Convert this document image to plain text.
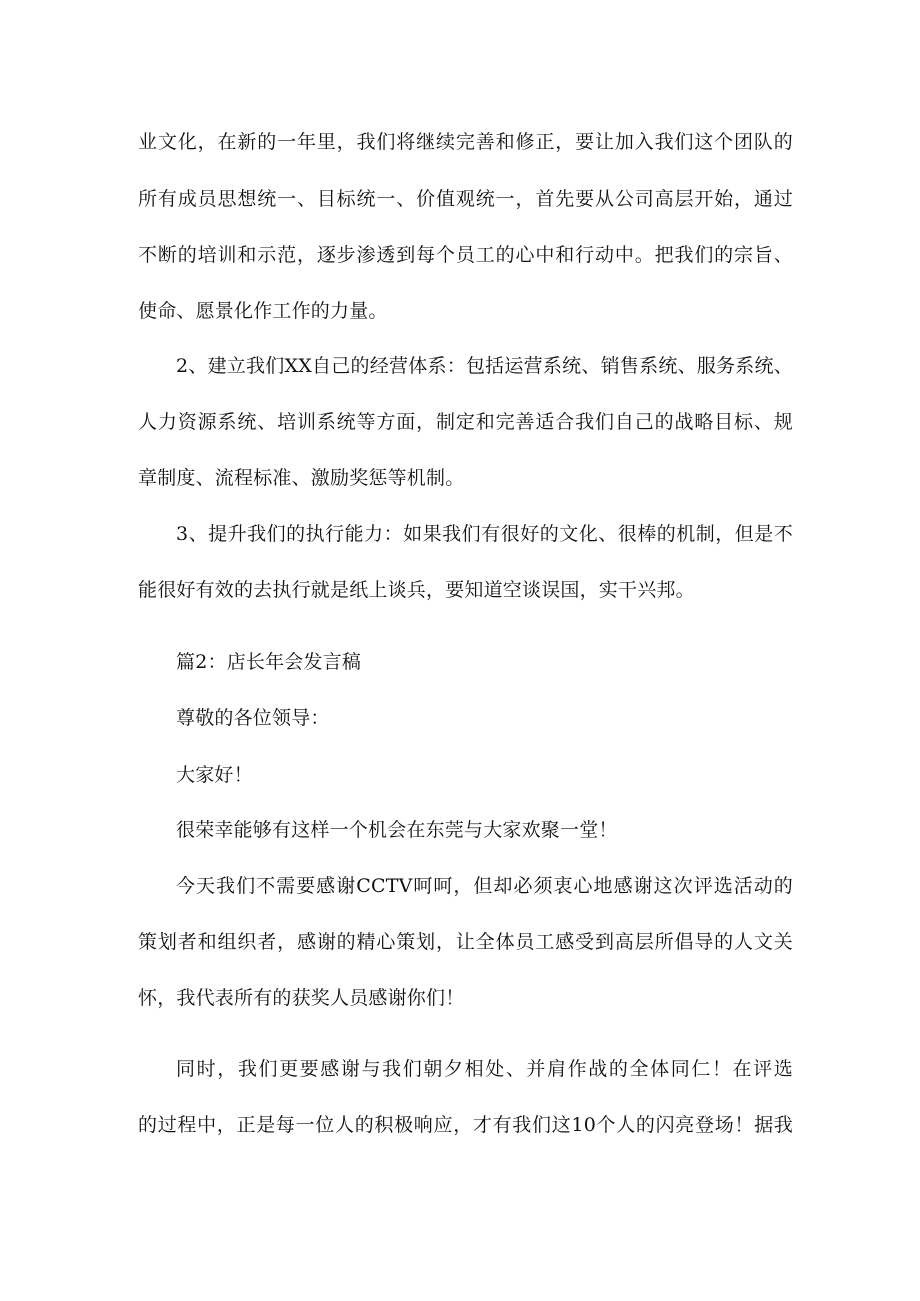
业文化，在新的一年里，我们将继续完善和修正，要让加入我们这个团队的
所有成员思想统一、目标统一、价值观统一，首先要从公司高层开始，通过
不断的培训和示范，逐步渗透到每个员工的心中和行动中。把我们的宗旨、
使命、愿景化作工作的力量。
2、建立我们XX自己的经营体系：包括运营系统、销售系统、服务系统、
人力资源系统、培训系统等方面，制定和完善适合我们自己的战略目标、规
章制度、流程标准、激励奖惩等机制。
3、提升我们的执行能力：如果我们有很好的文化、很棒的机制，但是不
能很好有效的去执行就是纸上谈兵，要知道空谈误国，实干兴邦。
篇2：店长年会发言稿
尊敬的各位领导：
大家好！
很荣幸能够有这样一个机会在东莞与大家欢聚一堂！
今天我们不需要感谢CCTV呵呵，但却必须衷心地感谢这次评选活动的
策划者和组织者，感谢的精心策划，让全体员工感受到高层所倡导的人文关
怀，我代表所有的获奖人员感谢你们！
同时，我们更要感谢与我们朝夕相处、并肩作战的全体同仁！在评选
的过程中，正是每一位人的积极响应，才有我们这10个人的闪亮登场！据我
